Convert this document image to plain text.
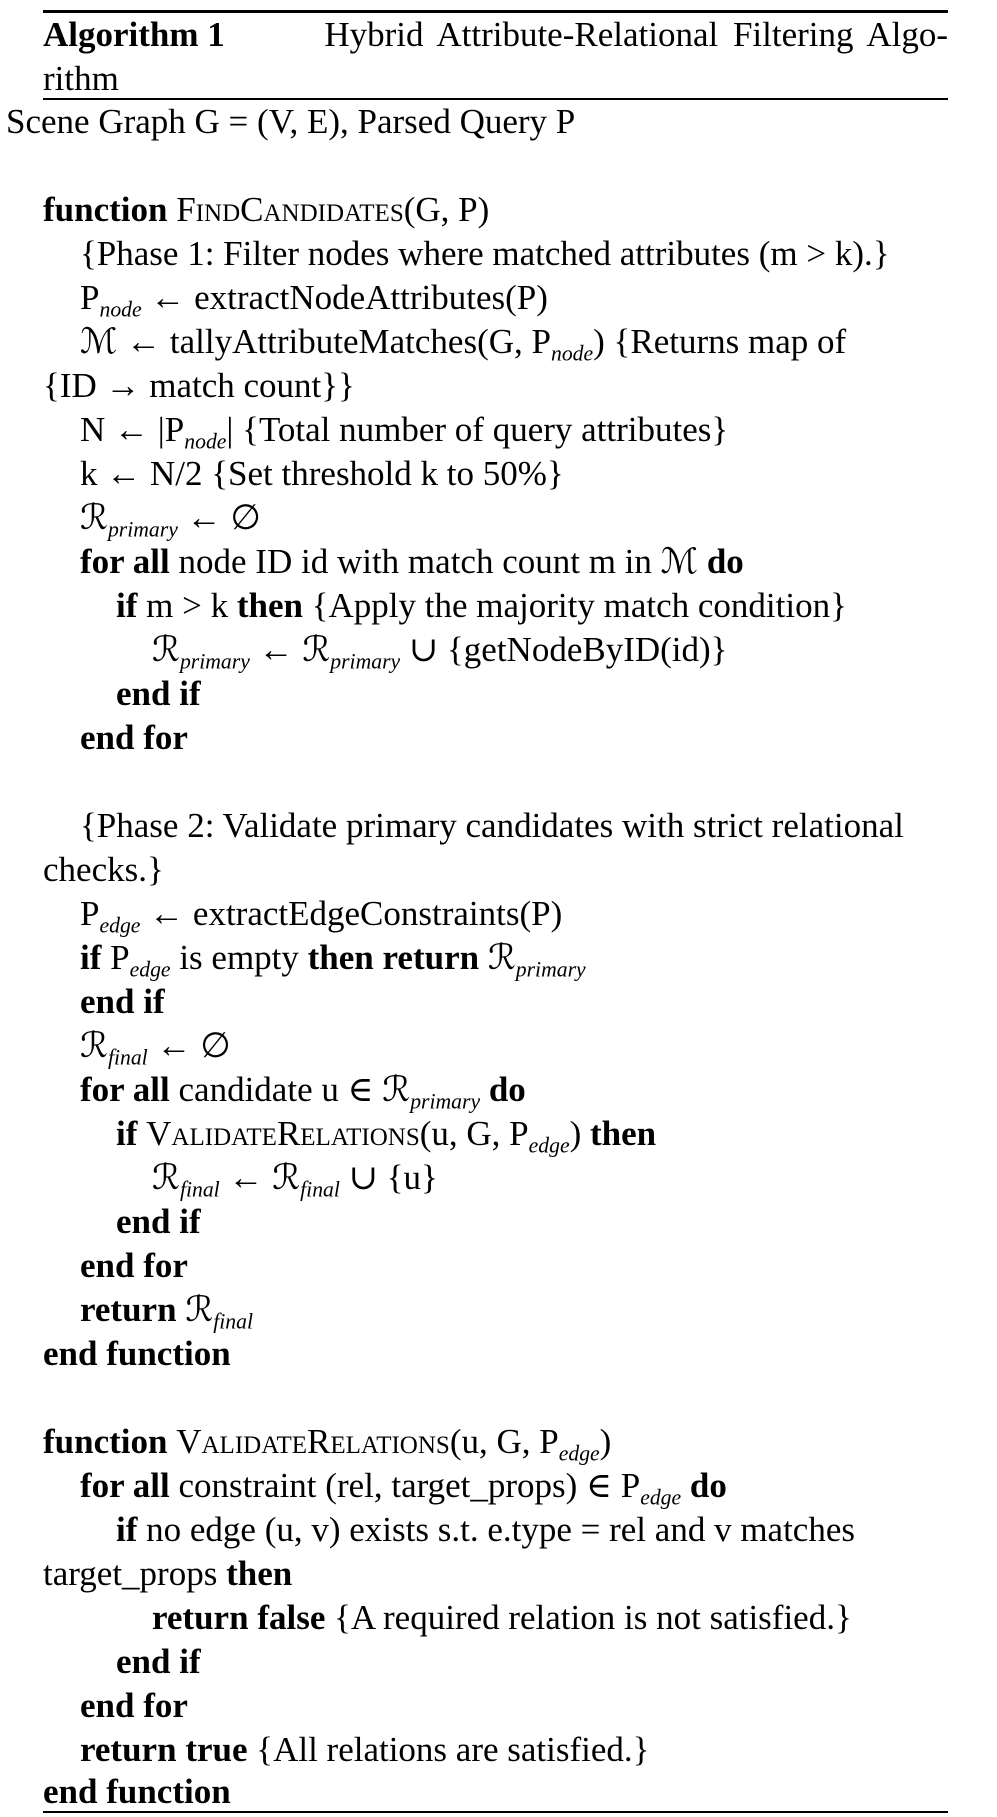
Algorithm 1	Hybrid Attribute-Relational Filtering Algo-
rithm
Scene Graph G = (V, E), Parsed Query P
function FindCandidates(G, P)
{Phase 1: Filter nodes where matched attributes (m > k).}
$P_{node}$ ← extractNodeAttributes(P)
ℳ ← tallyAttributeMatches(G, $P_{node}$) {Returns map of
{ID → match count}}
N ← $|P_{node}|$ {Total number of query attributes}
k ← N/2 {Set threshold k to 50%}
ℛ$_{primary}$ ← ∅
for all node ID id with match count m in ℳ do
if m > k then {Apply the majority match condition}
ℛ$_{primary}$ ← ℛ$_{primary}$ ∪ {getNodeByID(id)}
end if
end for
{Phase 2: Validate primary candidates with strict relational
checks.}
$P_{edge}$ ← extractEdgeConstraints(P)
if $P_{edge}$ is empty then return ℛ$_{primary}$
end if
ℛ$_{final}$ ← ∅
for all candidate u ∈ ℛ$_{primary}$ do
if ValidateRelations(u, G, $P_{edge}$) then
ℛ$_{final}$ ← ℛ$_{final}$ ∪ {u}
end if
end for
return ℛ$_{final}$
end function
function ValidateRelations(u, G, $P_{edge}$)
for all constraint (rel, target_props) ∈ $P_{edge}$ do
if no edge (u, v) exists s.t. e.type = rel and v matches
target_props then
return false {A required relation is not satisfied.}
end if
end for
return true {All relations are satisfied.}
end function
